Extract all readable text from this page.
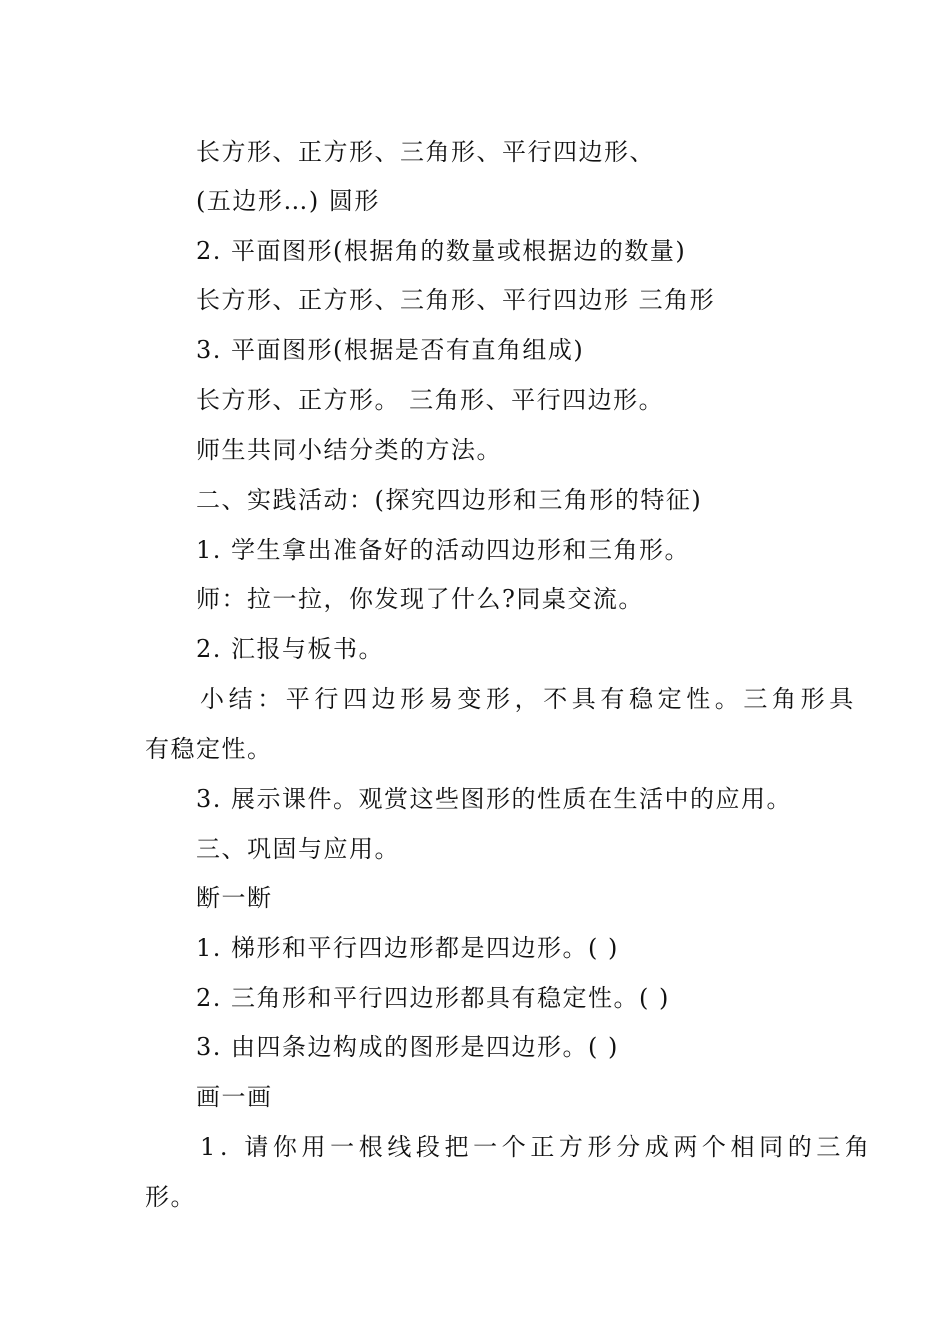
长方形、正方形、三角形、平行四边形、
(五边形…) 圆形
2. 平面图形(根据角的数量或根据边的数量)
长方形、正方形、三角形、平行四边形 三角形
3. 平面图形(根据是否有直角组成)
长方形、正方形。 三角形、平行四边形。
师生共同小结分类的方法。
二、实践活动：(探究四边形和三角形的特征)
1. 学生拿出准备好的活动四边形和三角形。
师：拉一拉，你发现了什么?同桌交流。
2. 汇报与板书。
小结：平行四边形易变形，不具有稳定性。三角形具
有稳定性。
3. 展示课件。观赏这些图形的性质在生活中的应用。
三、巩固与应用。
断一断
1. 梯形和平行四边形都是四边形。( )
2. 三角形和平行四边形都具有稳定性。( )
3. 由四条边构成的图形是四边形。( )
画一画
1. 请你用一根线段把一个正方形分成两个相同的三角
形。
